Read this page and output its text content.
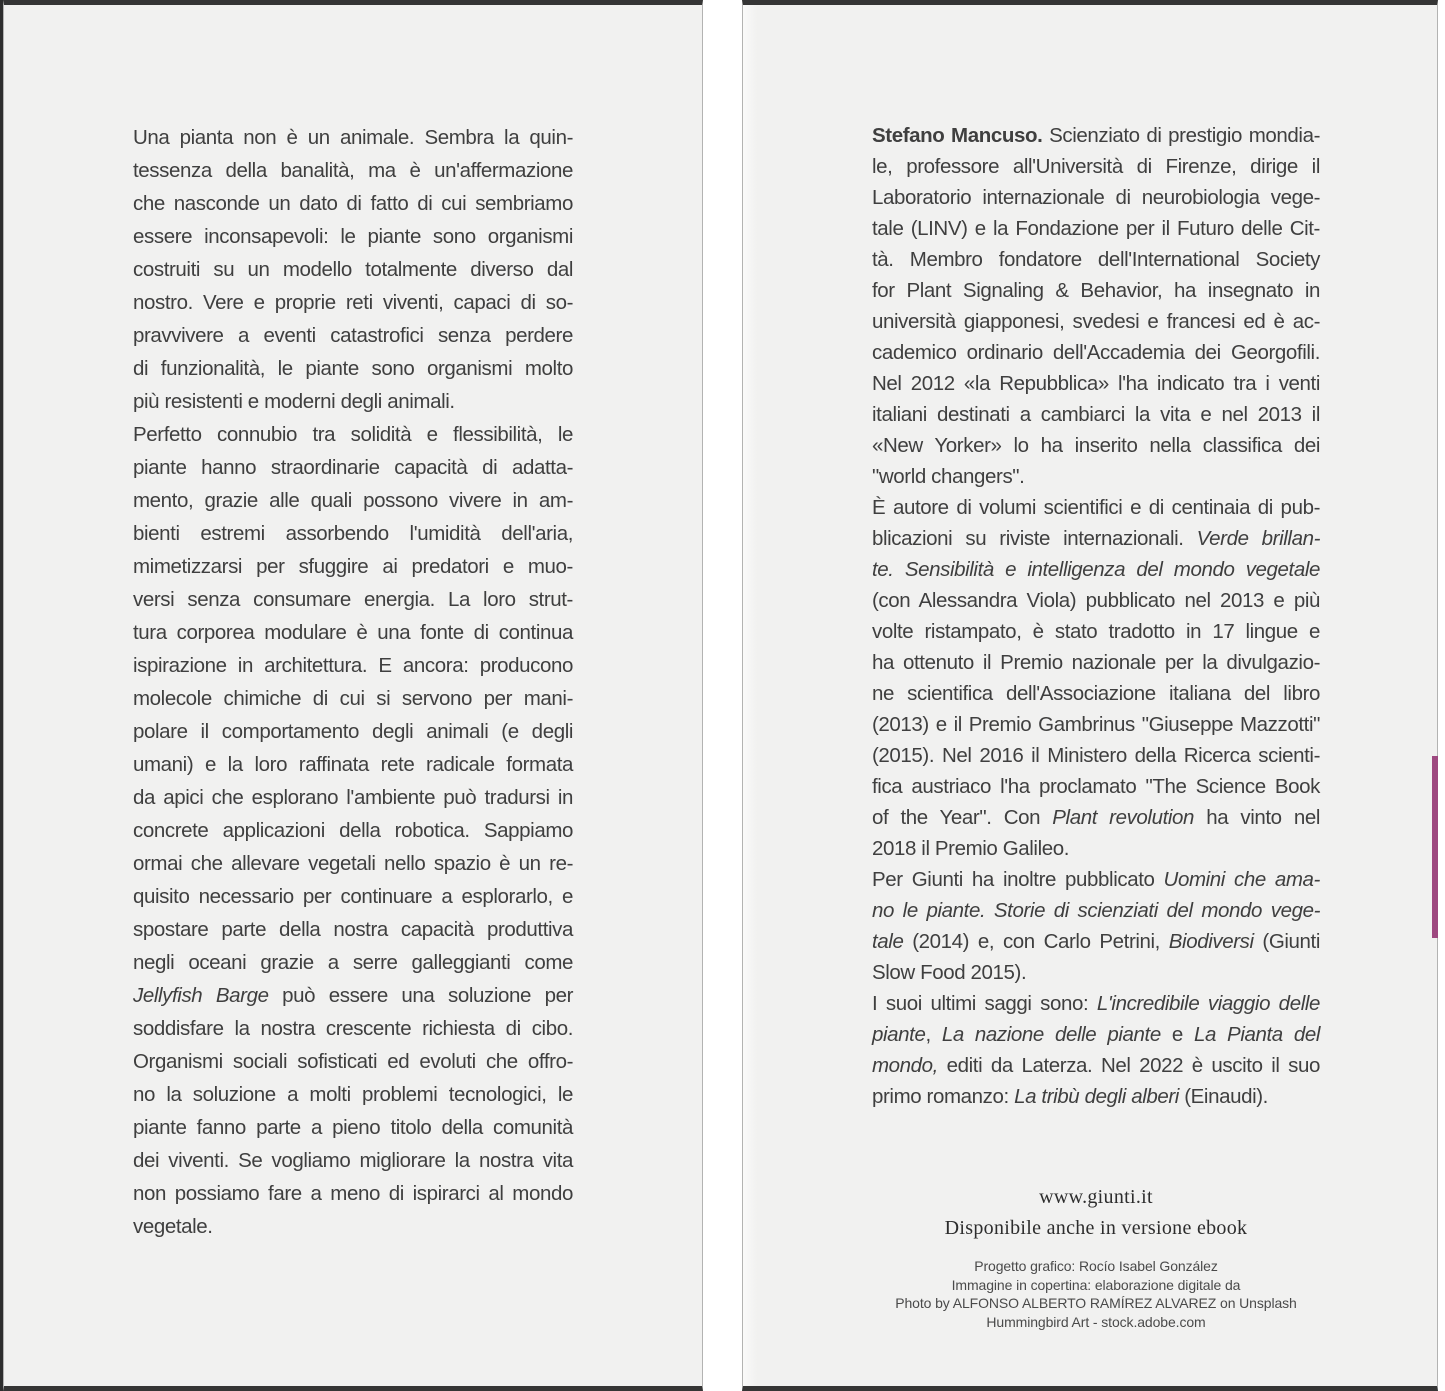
Una pianta non è un animale. Sembra la quin-
tessenza della banalità, ma è un'affermazione
che nasconde un dato di fatto di cui sembriamo
essere inconsapevoli: le piante sono organismi
costruiti su un modello totalmente diverso dal
nostro. Vere e proprie reti viventi, capaci di so-
pravvivere a eventi catastrofici senza perdere
di funzionalità, le piante sono organismi molto
più resistenti e moderni degli animali.
Perfetto connubio tra solidità e flessibilità, le
piante hanno straordinarie capacità di adatta-
mento, grazie alle quali possono vivere in am-
bienti estremi assorbendo l'umidità dell'aria,
mimetizzarsi per sfuggire ai predatori e muo-
versi senza consumare energia. La loro strut-
tura corporea modulare è una fonte di continua
ispirazione in architettura. E ancora: producono
molecole chimiche di cui si servono per mani-
polare il comportamento degli animali (e degli
umani) e la loro raffinata rete radicale formata
da apici che esplorano l'ambiente può tradursi in
concrete applicazioni della robotica. Sappiamo
ormai che allevare vegetali nello spazio è un re-
quisito necessario per continuare a esplorarlo, e
spostare parte della nostra capacità produttiva
negli oceani grazie a serre galleggianti come
Jellyfish Barge può essere una soluzione per
soddisfare la nostra crescente richiesta di cibo.
Organismi sociali sofisticati ed evoluti che offro-
no la soluzione a molti problemi tecnologici, le
piante fanno parte a pieno titolo della comunità
dei viventi. Se vogliamo migliorare la nostra vita
non possiamo fare a meno di ispirarci al mondo
vegetale.
Stefano Mancuso. Scienziato di prestigio mondia-
le, professore all'Università di Firenze, dirige il
Laboratorio internazionale di neurobiologia vege-
tale (LINV) e la Fondazione per il Futuro delle Cit-
tà. Membro fondatore dell'International Society
for Plant Signaling & Behavior, ha insegnato in
università giapponesi, svedesi e francesi ed è ac-
cademico ordinario dell'Accademia dei Georgofili.
Nel 2012 «la Repubblica» l'ha indicato tra i venti
italiani destinati a cambiarci la vita e nel 2013 il
«New Yorker» lo ha inserito nella classifica dei
"world changers".
È autore di volumi scientifici e di centinaia di pub-
blicazioni su riviste internazionali. Verde brillan-
te. Sensibilità e intelligenza del mondo vegetale
(con Alessandra Viola) pubblicato nel 2013 e più
volte ristampato, è stato tradotto in 17 lingue e
ha ottenuto il Premio nazionale per la divulgazio-
ne scientifica dell'Associazione italiana del libro
(2013) e il Premio Gambrinus "Giuseppe Mazzotti"
(2015). Nel 2016 il Ministero della Ricerca scienti-
fica austriaco l'ha proclamato "The Science Book
of the Year". Con Plant revolution ha vinto nel
2018 il Premio Galileo.
Per Giunti ha inoltre pubblicato Uomini che ama-
no le piante. Storie di scienziati del mondo vege-
tale (2014) e, con Carlo Petrini, Biodiversi (Giunti
Slow Food 2015).
I suoi ultimi saggi sono: L'incredibile viaggio delle
piante, La nazione delle piante e La Pianta del
mondo, editi da Laterza. Nel 2022 è uscito il suo
primo romanzo: La tribù degli alberi (Einaudi).
www.giunti.it
Disponibile anche in versione ebook
Progetto grafico: Rocío Isabel González
Immagine in copertina: elaborazione digitale da
Photo by ALFONSO ALBERTO RAMÍREZ ALVAREZ on Unsplash
Hummingbird Art - stock.adobe.com
